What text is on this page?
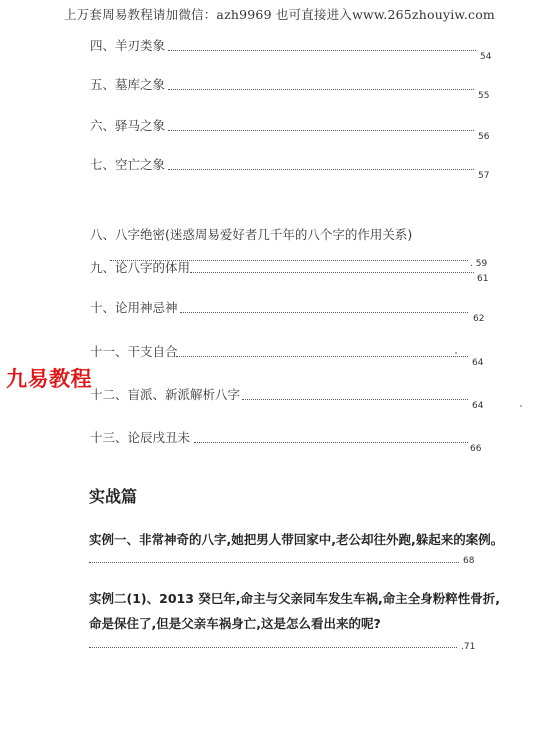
上万套周易教程请加微信：azh9969 也可直接进入www.265zhouyiw.com
四、羊刃类象
54
五、墓库之象
55
六、驿马之象
56
七、空亡之象
57
八、八字绝密(迷惑周易爱好者几千年的八个字的作用关系)
. 59
九、论八字的体用
61
十、论用神忌神
62
十一、干支自合
64
十二、盲派、新派解析八字
64
十三、论辰戌丑未
66
九易教程
实战篇
实例一、非常神奇的八字,她把男人带回家中,老公却往外跑,躲起来的案例。
68
实例二(1)、2013 癸巳年,命主与父亲同车发生车祸,命主全身粉粹性骨折,
命是保住了,但是父亲车祸身亡,这是怎么看出来的呢?
.71
